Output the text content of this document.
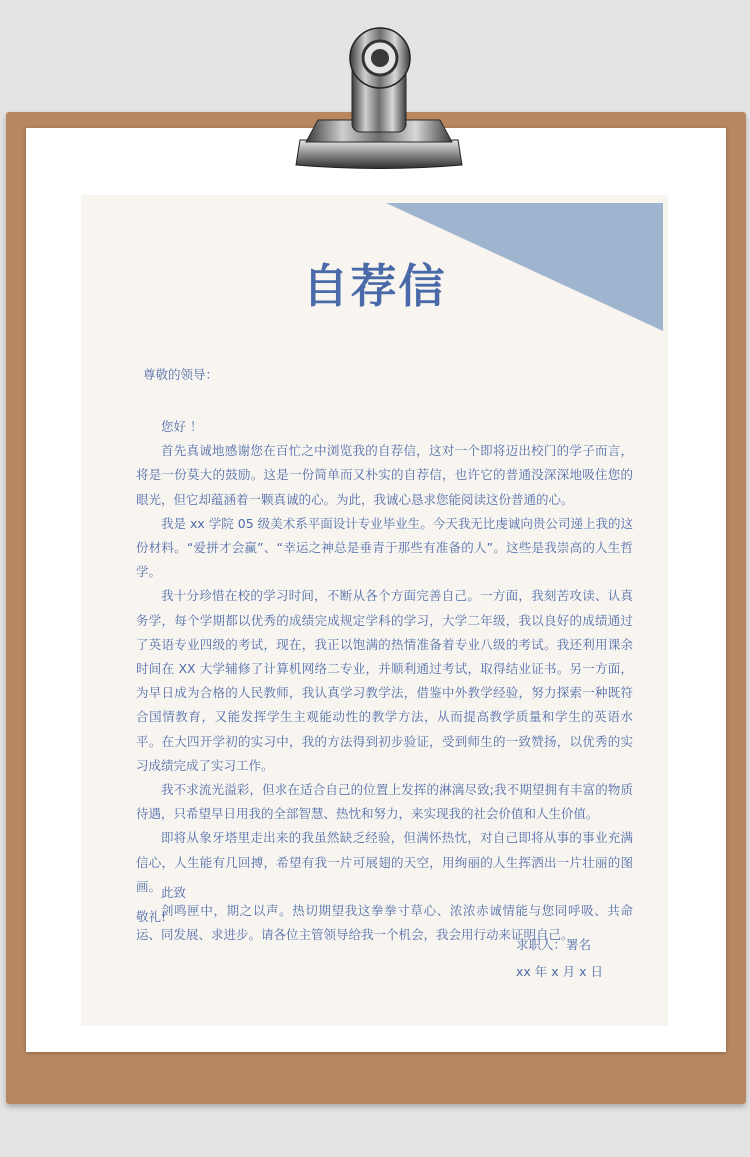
自荐信
尊敬的领导：

您好 ！

首先真诚地感谢您在百忙之中浏览我的自荐信，这对一个即将迈出校门的学子而言，将是一份莫大的鼓励。这是一份简单而又朴实的自荐信，也许它的普通没深深地吸住您的眼光，但它却蕴涵着一颗真诚的心。为此，我诚心恳求您能阅读这份普通的心。

我是 xx 学院 05 级美术系平面设计专业毕业生。今天我无比虔诚向贵公司递上我的这份材料。“爱拼才会赢”、“幸运之神总是垂青于那些有准备的人”。这些是我崇高的人生哲学。

我十分珍惜在校的学习时间，不断从各个方面完善自己。一方面，我刻苦攻读、认真务学，每个学期都以优秀的成绩完成规定学科的学习，大学二年级，我以良好的成绩通过了英语专业四级的考试，现在，我正以饱满的热情准备着专业八级的考试。我还利用课余时间在 XX 大学辅修了计算机网络二专业，并顺利通过考试，取得结业证书。另一方面，为早日成为合格的人民教师，我认真学习教学法，借鉴中外教学经验，努力探索一种既符合国情教育，又能发挥学生主观能动性的教学方法，从而提高教学质量和学生的英语水平。在大四开学初的实习中，我的方法得到初步验证，受到师生的一致赞扬，以优秀的实习成绩完成了实习工作。

我不求流光溢彩，但求在适合自己的位置上发挥的淋漓尽致;我不期望拥有丰富的物质待遇，只希望早日用我的全部智慧、热忱和努力，来实现我的社会价值和人生价值。

即将从象牙塔里走出来的我虽然缺乏经验，但满怀热忱，对自己即将从事的事业充满信心，人生能有几回搏，希望有我一片可展翅的天空，用绚丽的人生挥洒出一片壮丽的图画。

剑鸣匣中，期之以声。热切期望我这拳拳寸草心、浓浓赤诚情能与您同呼吸、共命运、同发展、求进步。请各位主管领导给我一个机会，我会用行动来证明自己。

此致
敬礼!
求职人：署名
xx 年 x 月 x 日
